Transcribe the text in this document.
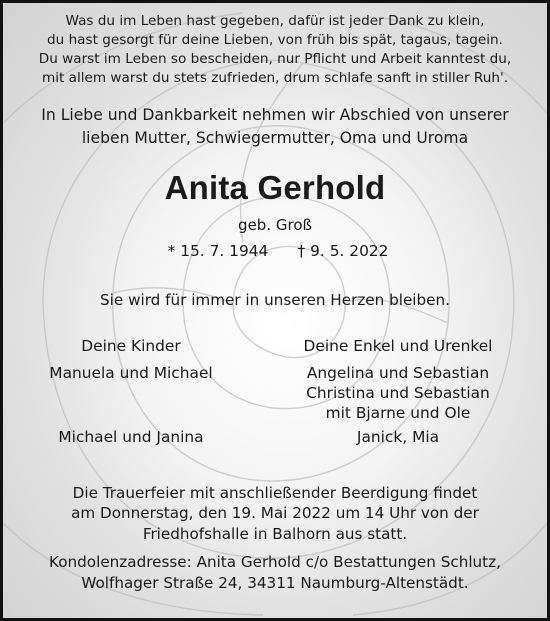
Was du im Leben hast gegeben, dafür ist jeder Dank zu klein,
du hast gesorgt für deine Lieben, von früh bis spät, tagaus, tagein.
Du warst im Leben so bescheiden, nur Pflicht und Arbeit kanntest du,
mit allem warst du stets zufrieden, drum schlafe sanft in stiller Ruh'.
In Liebe und Dankbarkeit nehmen wir Abschied von unserer
lieben Mutter, Schwiegermutter, Oma und Uroma
Anita Gerhold
geb. Groß
* 15. 7. 1944	† 9. 5. 2022
Sie wird für immer in unseren Herzen bleiben.
Deine Kinder
Manuela und Michael
Michael und Janina
Deine Enkel und Urenkel
Angelina und Sebastian
Christina und Sebastian
mit Bjarne und Ole
Janick, Mia
Die Trauerfeier mit anschließender Beerdigung findet
am Donnerstag, den 19. Mai 2022 um 14 Uhr von der
Friedhofshalle in Balhorn aus statt.
Kondolenzadresse: Anita Gerhold c/o Bestattungen Schlutz,
Wolfhager Straße 24, 34311 Naumburg-Altenstädt.
